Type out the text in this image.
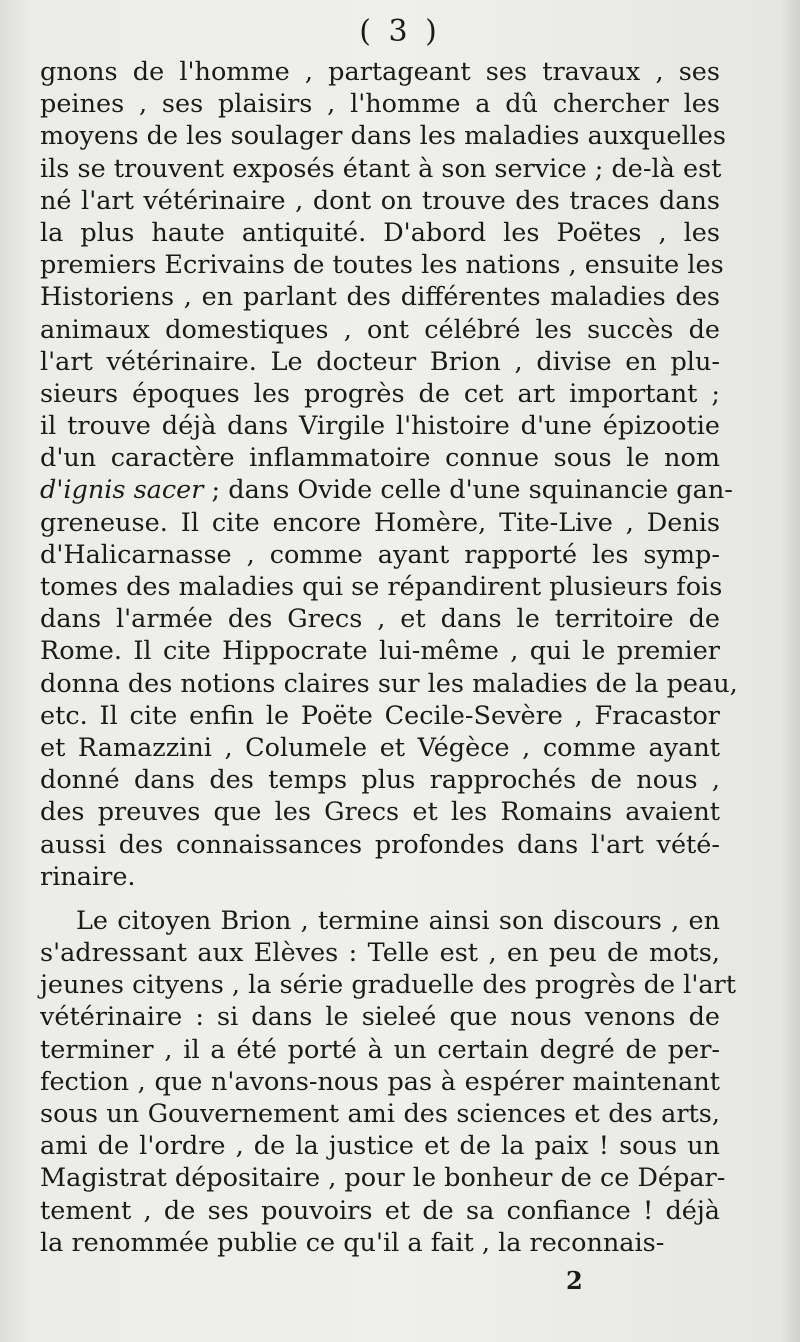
( 3 )
gnons de l'homme , partageant ses travaux , ses
peines , ses plaisirs , l'homme a dû chercher les
moyens de les soulager dans les maladies auxquelles
ils se trouvent exposés étant à son service ; de-là est
né l'art vétérinaire , dont on trouve des traces dans
la plus haute antiquité. D'abord les Poëtes , les
premiers Ecrivains de toutes les nations , ensuite les
Historiens , en parlant des différentes maladies des
animaux domestiques , ont célébré les succès de
l'art vétérinaire. Le docteur Brion , divise en plu-
sieurs époques les progrès de cet art important ;
il trouve déjà dans Virgile l'histoire d'une épizootie
d'un caractère inflammatoire connue sous le nom
d'ignis sacer ; dans Ovide celle d'une squinancie gan-
greneuse. Il cite encore Homère, Tite-Live , Denis
d'Halicarnasse , comme ayant rapporté les symp-
tomes des maladies qui se répandirent plusieurs fois
dans l'armée des Grecs , et dans le territoire de
Rome. Il cite Hippocrate lui-même , qui le premier
donna des notions claires sur les maladies de la peau,
etc. Il cite enfin le Poëte Cecile-Sevère , Fracastor
et Ramazzini , Columele et Végèce , comme ayant
donné dans des temps plus rapprochés de nous ,
des preuves que les Grecs et les Romains avaient
aussi des connaissances profondes dans l'art vété-
rinaire.
Le citoyen Brion , termine ainsi son discours , en
s'adressant aux Elèves : Telle est , en peu de mots,
jeunes cityens , la série graduelle des progrès de l'art
vétérinaire : si dans le sieleé que nous venons de
terminer , il a été porté à un certain degré de per-
fection , que n'avons-nous pas à espérer maintenant
sous un Gouvernement ami des sciences et des arts,
ami de l'ordre , de la justice et de la paix ! sous un
Magistrat dépositaire , pour le bonheur de ce Dépar-
tement , de ses pouvoirs et de sa confiance ! déjà
la renommée publie ce qu'il a fait , la reconnais-
2
